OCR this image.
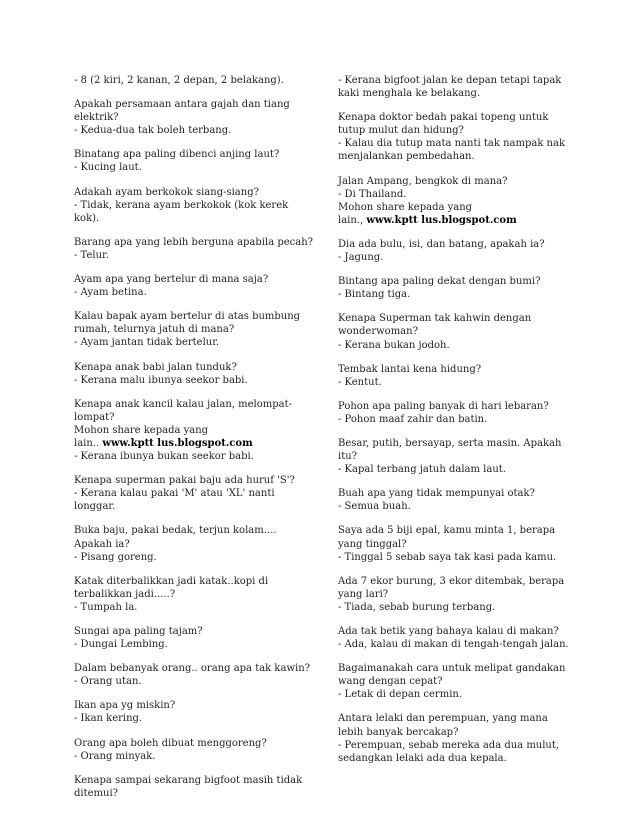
- 8 (2 kiri, 2 kanan, 2 depan, 2 belakang).

Apakah persamaan antara gajah dan tiang elektrik?

- Kedua-dua tak boleh terbang.

Binatang apa paling dibenci anjing laut?

- Kucing laut.

Adakah ayam berkokok siang-siang?

- Tidak, kerana ayam berkokok (kok kerek kok).

Barang apa yang lebih berguna apabila pecah?

- Telur.

Ayam apa yang bertelur di mana saja?

- Ayam betina.

Kalau bapak ayam bertelur di atas bumbung rumah, telurnya jatuh di mana?

- Ayam jantan tidak bertelur.

Kenapa anak babi jalan tunduk?

- Kerana malu ibunya seekor babi.

Kenapa anak kancil kalau jalan, melompat-lompat?

Mohon share kepada yang

lain.. www.kptt lus.blogspot.com

- Kerana ibunya bukan seekor babi.

Kenapa superman pakai baju ada huruf 'S'?

- Kerana kalau pakai 'M' atau 'XL' nanti longgar.

Buka baju, pakai bedak, terjun kolam.... Apakah ia?

- Pisang goreng.

Katak diterbalikkan jadi katak..kopi di terbalikkan jadi.....?

- Tumpah la.

Sungai apa paling tajam?

- Dungai Lembing.

Dalam bebanyak orang.. orang apa tak kawin?

- Orang utan.

Ikan apa yg miskin?

- Ikan kering.

Orang apa boleh dibuat menggoreng?

- Orang minyak.

Kenapa sampai sekarang bigfoot masih tidak ditemui?

- Kerana bigfoot jalan ke depan tetapi tapak kaki menghala ke belakang.

Kenapa doktor bedah pakai topeng untuk tutup mulut dan hidung?

- Kalau dia tutup mata nanti tak nampak nak menjalankan pembedahan.

Jalan Ampang, bengkok di mana?

- Di Thailand.

Mohon share kepada yang

lain., www.kptt lus.blogspot.com

Dia ada bulu, isi, dan batang, apakah ia?

- Jagung.

Bintang apa paling dekat dengan bumi?

- Bintang tiga.

Kenapa Superman tak kahwin dengan wonderwoman?

- Kerana bukan jodoh.

Tembak lantai kena hidung?

- Kentut.

Pohon apa paling banyak di hari lebaran?

- Pohon maaf zahir dan batin.

Besar, putih, bersayap, serta masin. Apakah itu?

- Kapal terbang jatuh dalam laut.

Buah apa yang tidak mempunyai otak?

- Semua buah.

Saya ada 5 biji epal, kamu minta 1, berapa yang tinggal?

- Tinggal 5 sebab saya tak kasi pada kamu.

Ada 7 ekor burung, 3 ekor ditembak, berapa yang lari?

- Tiada, sebab burung terbang.

Ada tak betik yang bahaya kalau di makan?

- Ada, kalau di makan di tengah-tengah jalan.

Bagaimanakah cara untuk melipat gandakan wang dengan cepat?

- Letak di depan cermin.

Antara lelaki dan perempuan, yang mana lebih banyak bercakap?

- Perempuan, sebab mereka ada dua mulut, sedangkan lelaki ada dua kepala.
